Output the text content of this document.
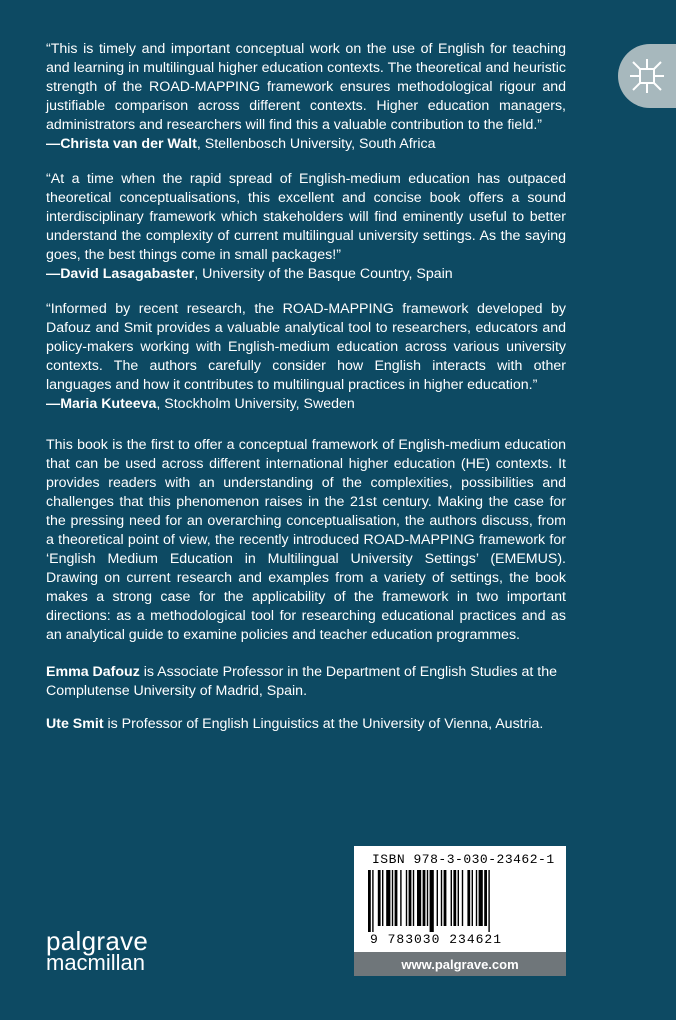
“This is timely and important conceptual work on the use of English for teaching and learning in multilingual higher education contexts. The theoretical and heuristic strength of the ROAD-MAPPING framework ensures methodological rigour and justifiable comparison across different contexts. Higher education managers, administrators and researchers will find this a valuable contribution to the field.”

—Christa van der Walt, Stellenbosch University, South Africa

“At a time when the rapid spread of English-medium education has outpaced theoretical conceptualisations, this excellent and concise book offers a sound interdisciplinary framework which stakeholders will find eminently useful to better understand the complexity of current multilingual university settings. As the saying goes, the best things come in small packages!”

—David Lasagabaster, University of the Basque Country, Spain

“Informed by recent research, the ROAD-MAPPING framework developed by Dafouz and Smit provides a valuable analytical tool to researchers, educators and policy-makers working with English-medium education across various university contexts. The authors carefully consider how English interacts with other languages and how it contributes to multilingual practices in higher education.”

—Maria Kuteeva, Stockholm University, Sweden

This book is the first to offer a conceptual framework of English-medium education that can be used across different international higher education (HE) contexts. It provides readers with an understanding of the complexities, possibilities and challenges that this phenomenon raises in the 21st century. Making the case for the pressing need for an overarching conceptualisation, the authors discuss, from a theoretical point of view, the recently introduced ROAD-MAPPING framework for ‘English Medium Education in Multilingual University Settings’ (EMEMUS). Drawing on current research and examples from a variety of settings, the book makes a strong case for the applicability of the framework in two important directions: as a methodological tool for researching educational practices and as an analytical guide to examine policies and teacher education programmes.

Emma Dafouz is Associate Professor in the Department of English Studies at the Complutense University of Madrid, Spain.

Ute Smit is Professor of English Linguistics at the University of Vienna, Austria.

ISBN 978-3-030-23462-1
9 783030 234621
www.palgrave.com
palgrave
macmillan
